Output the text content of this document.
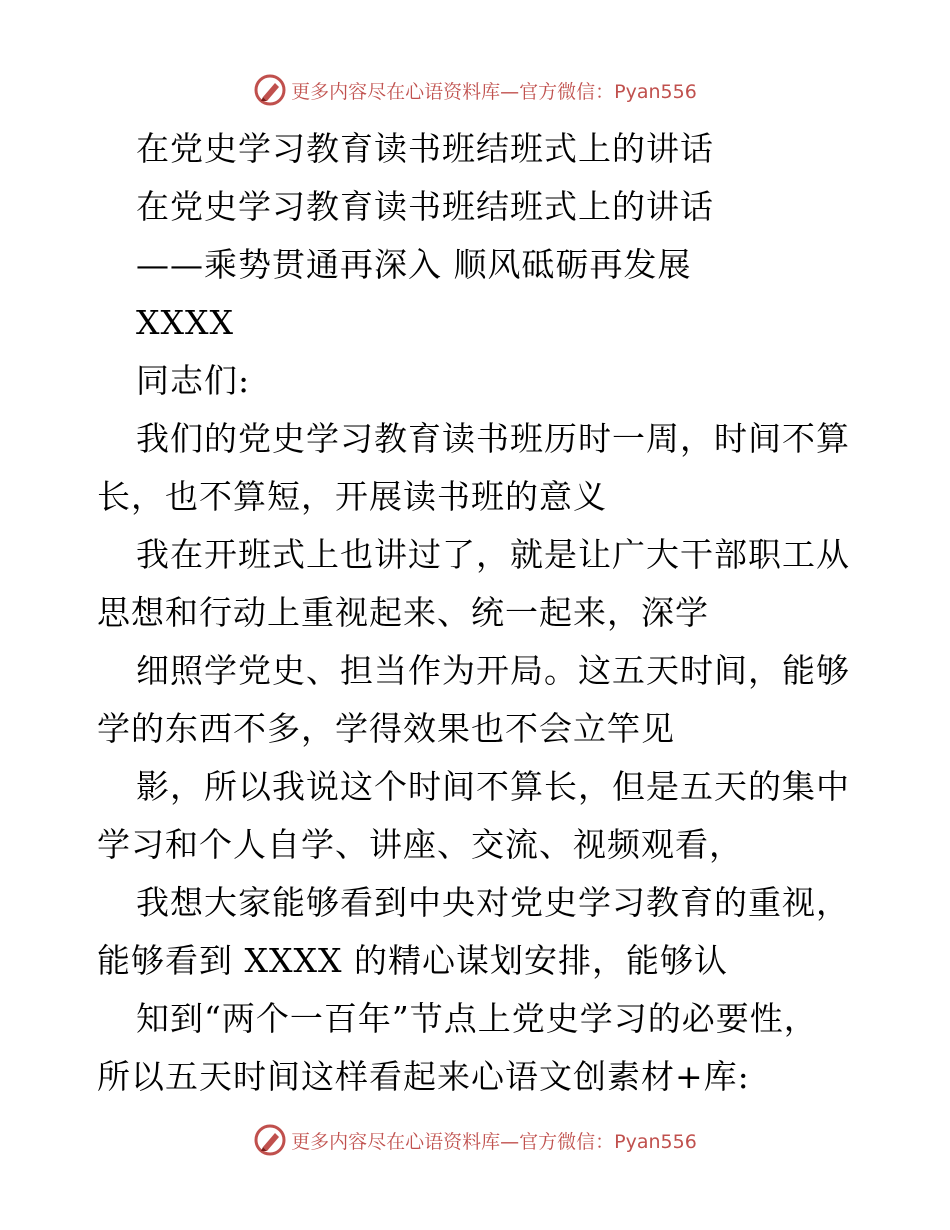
更多内容尽在心语资料库—官方微信：Pyan556

在党史学习教育读书班结班式上的讲话

在党史学习教育读书班结班式上的讲话

——乘势贯通再深入 顺风砥砺再发展

XXXX

同志们:

我们的党史学习教育读书班历时一周，时间不算

长，也不算短，开展读书班的意义

我在开班式上也讲过了，就是让广大干部职工从

思想和行动上重视起来、统一起来，深学

细照学党史、担当作为开局。这五天时间，能够

学的东西不多，学得效果也不会立竿见

影，所以我说这个时间不算长，但是五天的集中

学习和个人自学、讲座、交流、视频观看，

我想大家能够看到中央对党史学习教育的重视，

能够看到 XXXX 的精心谋划安排，能够认

知到“两个一百年”节点上党史学习的必要性，

所以五天时间这样看起来心语文创素材+库:

更多内容尽在心语资料库—官方微信：Pyan556
